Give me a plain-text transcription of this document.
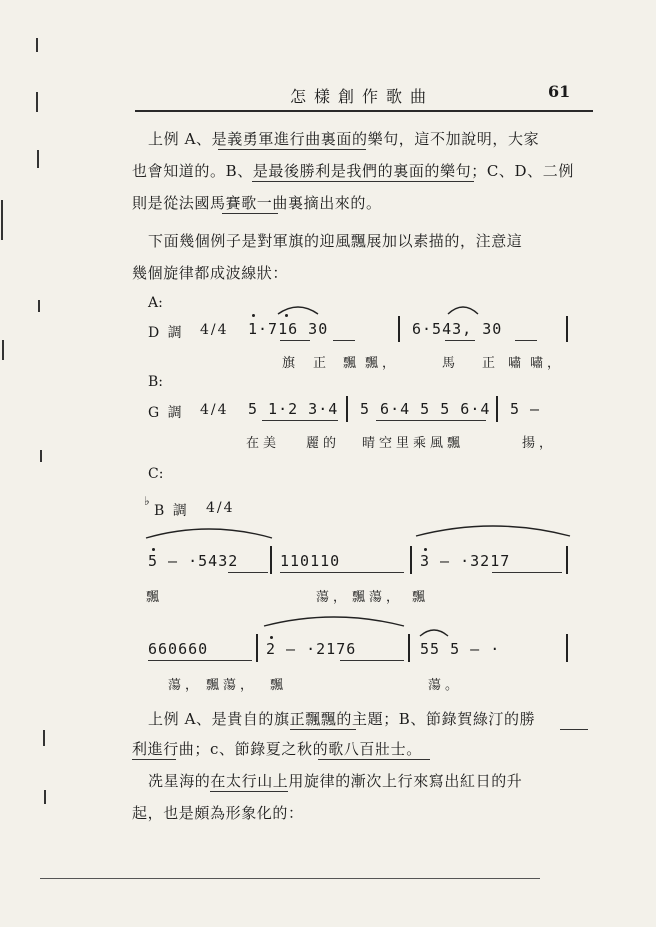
怎樣創作歌曲	61
上例 A、是義勇軍進行曲裏面的樂句，這不加說明，大家
也會知道的。B、是最後勝利是我們的裏面的樂句；C、D、二例
則是從法國馬賽歌一曲裏摘出來的。
下面幾個例子是對軍旗的迎風飄展加以素描的，注意這
幾個旋律都成波線狀：
A:
D 調 4/4 1·716 30	6·543, 30
旗 正 飄 飄，	馬 正 嘯 嘯，
B:
G 調 4/4 5 1·2 3·4 5 6·4 5 5 6·4 5 —
在美 麗的 晴空里乘風飄	揚，
C:
♭
B 調 4/4
5 — ·5432	110110	3 — ·3217
飄	蕩， 飄蕩， 飄
660660	2 — ·2176	55 5 — ·
蕩， 飄蕩， 飄	蕩。
上例 A、是貴自的旗正飄飄的主題；B、節錄賀綠汀的勝
利進行曲；c、節錄夏之秋的歌八百壯士。
冼星海的在太行山上用旋律的漸次上行來寫出紅日的升
起，也是頗為形象化的：
